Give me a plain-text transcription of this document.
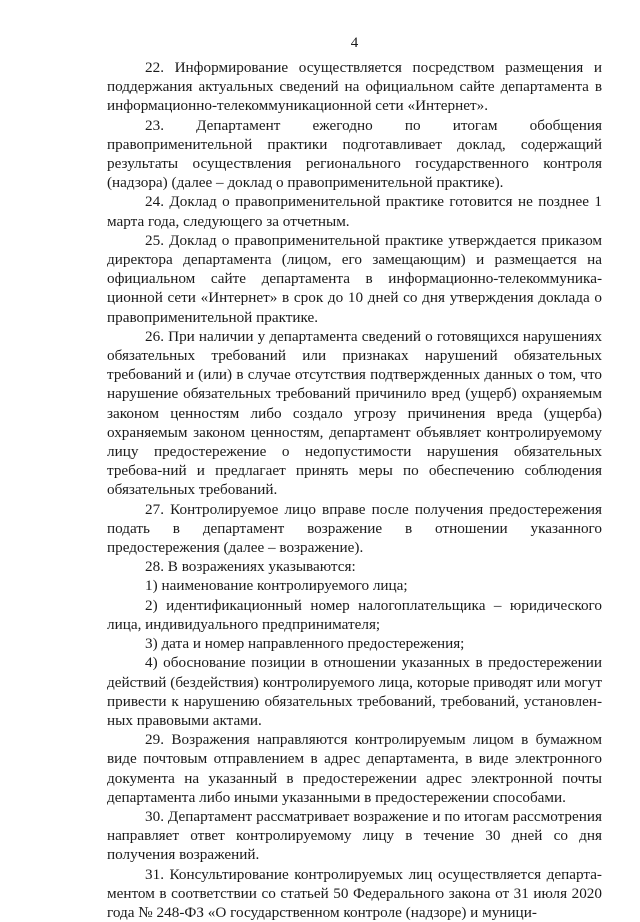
4

22. Информирование осуществляется посредством размещения и поддержания актуальных сведений на официальном сайте департамента в информационно-телекоммуникационной сети «Интернет».

23. Департамент ежегодно по итогам обобщения правоприменительной практики подготавливает доклад, содержащий результаты осуществления регионального государственного контроля (надзора) (далее – доклад о правоприменительной практике).

24. Доклад о правоприменительной практике готовится не позднее 1 марта года, следующего за отчетным.

25. Доклад о правоприменительной практике утверждается приказом директора департамента (лицом, его замещающим) и размещается на официальном сайте департамента в информационно-телекоммуника-ционной сети «Интернет» в срок до 10 дней со дня утверждения доклада о правоприменительной практике.

26. При наличии у департамента сведений о готовящихся нарушениях обязательных требований или признаках нарушений обязательных требований и (или) в случае отсутствия подтвержденных данных о том, что нарушение обязательных требований причинило вред (ущерб) охраняемым законом ценностям либо создало угрозу причинения вреда (ущерба) охраняемым законом ценностям, департамент объявляет контролируемому лицу предостережение о недопустимости нарушения обязательных требова-ний и предлагает принять меры по обеспечению соблюдения обязательных требований.

27. Контролируемое лицо вправе после получения предостережения подать в департамент возражение в отношении указанного предостережения (далее – возражение).

28. В возражениях указываются:

1) наименование контролируемого лица;

2) идентификационный номер налогоплательщика – юридического лица, индивидуального предпринимателя;

3) дата и номер направленного предостережения;

4) обоснование позиции в отношении указанных в предостережении действий (бездействия) контролируемого лица, которые приводят или могут привести к нарушению обязательных требований, требований, установлен-ных правовыми актами.

29. Возражения направляются контролируемым лицом в бумажном виде почтовым отправлением в адрес департамента, в виде электронного документа на указанный в предостережении адрес электронной почты департамента либо иными указанными в предостережении способами.

30. Департамент рассматривает возражение и по итогам рассмотрения направляет ответ контролируемому лицу в течение 30 дней со дня получения возражений.

31. Консультирование контролируемых лиц осуществляется департа-ментом в соответствии со статьей 50 Федерального закона от 31 июля 2020 года № 248-ФЗ «О государственном контроле (надзоре) и муници-
